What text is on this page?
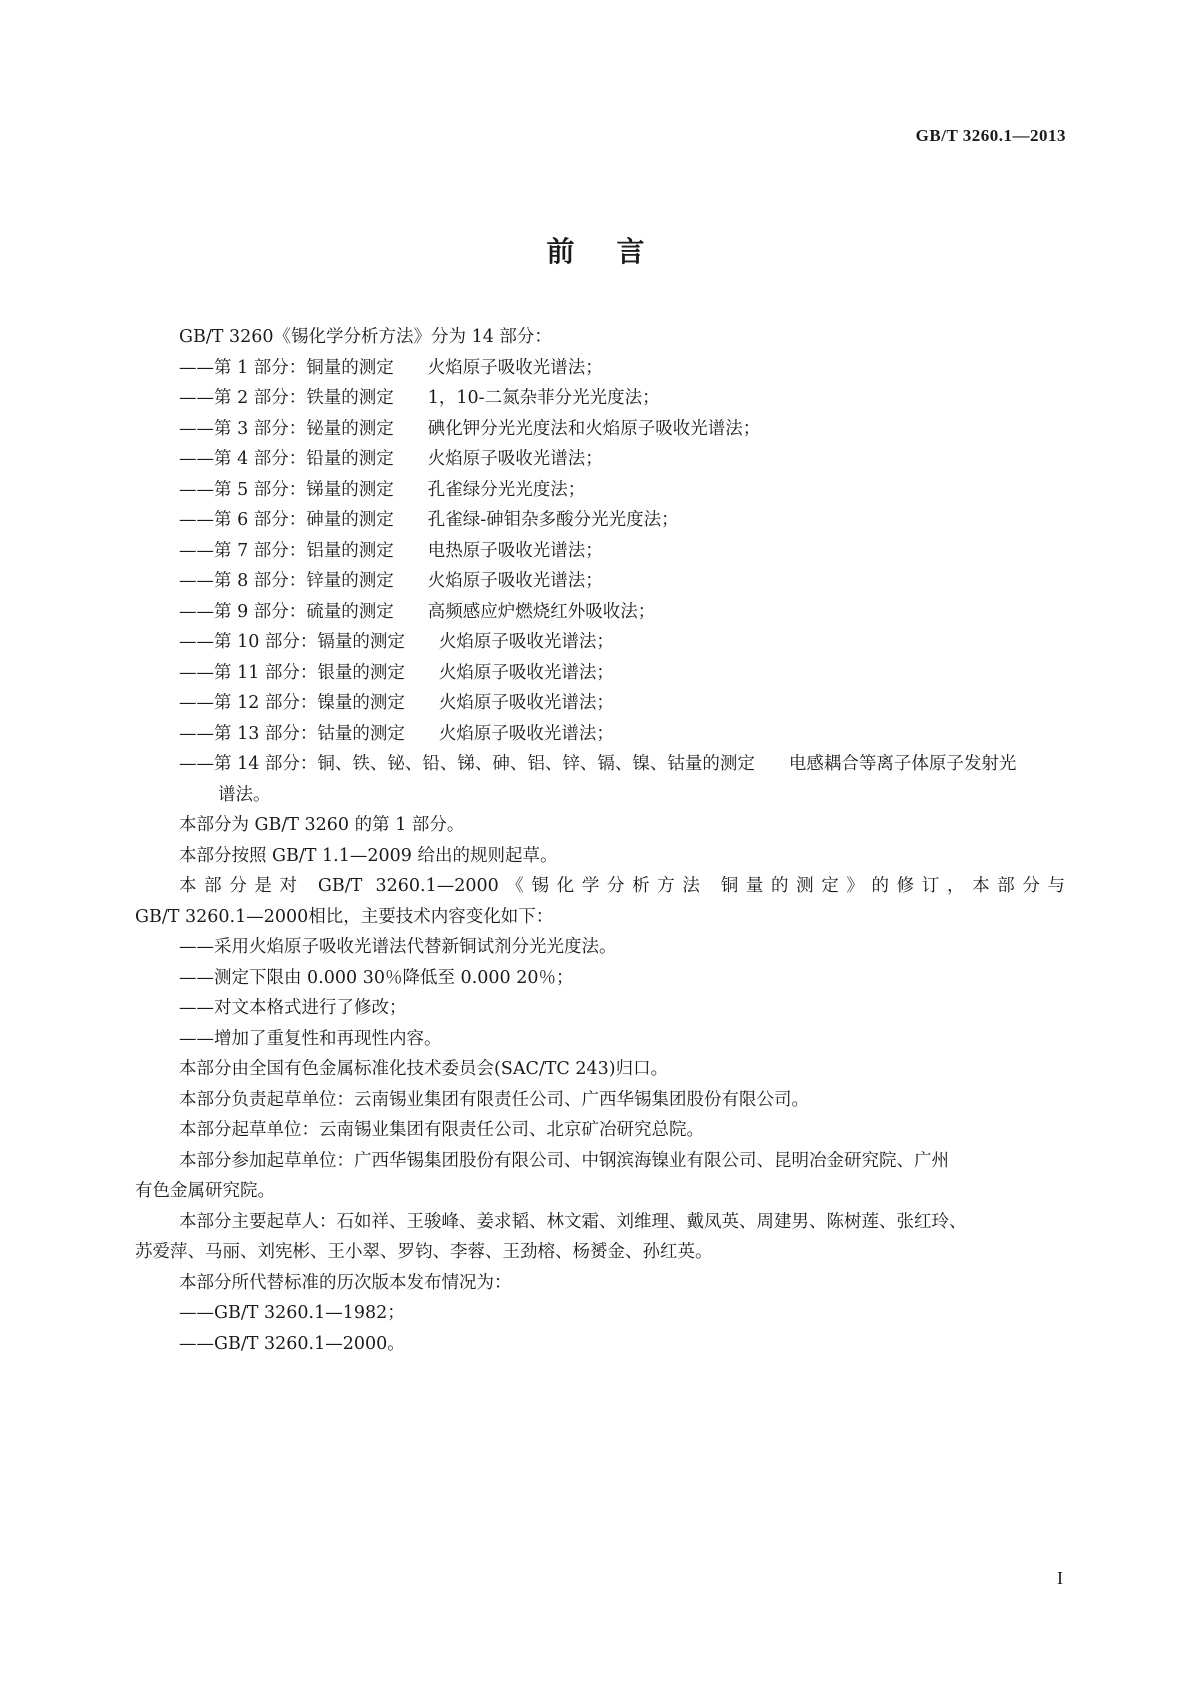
GB/T 3260.1—2013
前言
GB/T 3260《锡化学分析方法》分为 14 部分：
——第 1 部分：铜量的测定 火焰原子吸收光谱法；
——第 2 部分：铁量的测定 1，10-二氮杂菲分光光度法；
——第 3 部分：铋量的测定 碘化钾分光光度法和火焰原子吸收光谱法；
——第 4 部分：铅量的测定 火焰原子吸收光谱法；
——第 5 部分：锑量的测定 孔雀绿分光光度法；
——第 6 部分：砷量的测定 孔雀绿-砷钼杂多酸分光光度法；
——第 7 部分：铝量的测定 电热原子吸收光谱法；
——第 8 部分：锌量的测定 火焰原子吸收光谱法；
——第 9 部分：硫量的测定 高频感应炉燃烧红外吸收法；
——第 10 部分：镉量的测定 火焰原子吸收光谱法；
——第 11 部分：银量的测定 火焰原子吸收光谱法；
——第 12 部分：镍量的测定 火焰原子吸收光谱法；
——第 13 部分：钴量的测定 火焰原子吸收光谱法；
——第 14 部分：铜、铁、铋、铅、锑、砷、铝、锌、镉、镍、钴量的测定 电感耦合等离子体原子发射光
谱法。
本部分为 GB/T 3260 的第 1 部分。
本部分按照 GB/T 1.1—2009 给出的规则起草。
本部分是对 GB/T 3260.1—2000《锡化学分析方法 铜量的测定》的修订，本部分与
GB/T 3260.1—2000相比，主要技术内容变化如下：
——采用火焰原子吸收光谱法代替新铜试剂分光光度法。
——测定下限由 0.000 30％降低至 0.000 20％；
——对文本格式进行了修改；
——增加了重复性和再现性内容。
本部分由全国有色金属标准化技术委员会(SAC/TC 243)归口。
本部分负责起草单位：云南锡业集团有限责任公司、广西华锡集团股份有限公司。
本部分起草单位：云南锡业集团有限责任公司、北京矿冶研究总院。
本部分参加起草单位：广西华锡集团股份有限公司、中钢滨海镍业有限公司、昆明冶金研究院、广州
有色金属研究院。
本部分主要起草人：石如祥、王骏峰、姜求韬、林文霜、刘维理、戴凤英、周建男、陈树莲、张红玲、
苏爱萍、马丽、刘宪彬、王小翠、罗钧、李蓉、王劲榕、杨赟金、孙红英。
本部分所代替标准的历次版本发布情况为：
——GB/T 3260.1—1982；
——GB/T 3260.1—2000。
I
